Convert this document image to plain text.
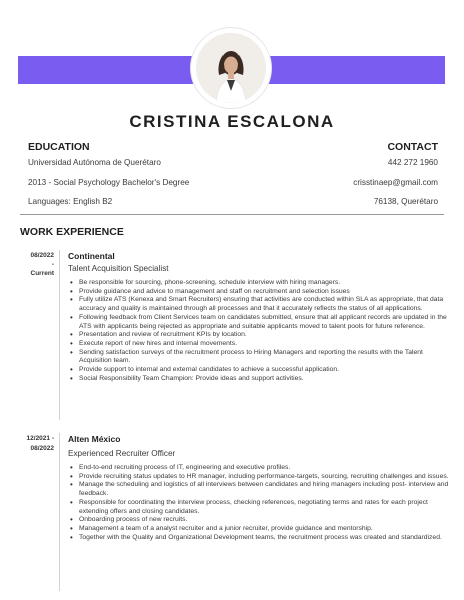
CRISTINA ESCALONA
EDUCATION
Universidad Autónoma de Querétaro
2013 - Social Psychology Bachelor's Degree
Languages: English B2
CONTACT
442 272 1960
crisstinaep@gmail.com
76138, Querétaro
WORK EXPERIENCE
08/2022
-
Current
Continental
Talent Acquisition Specialist
• Be responsible for sourcing, phone-screening, schedule interview with hiring managers.
• Provide guidance and advice to management and staff on recruitment and selection issues
• Fully utilize ATS (Kenexa and Smart Recruiters) ensuring that activities are conducted within SLA as appropriate, that data accuracy and quality is maintained through all processes and that it accurately reflects the status of all applications.
• Following feedback from Client Services team on candidates submitted, ensure that all applicant records are updated in the ATS with applicants being rejected as appropriate and suitable applicants moved to talent pools for future reference.
• Presentation and review of recruitment KPIs by location.
• Execute report of new hires and internal movements.
• Sending satisfaction surveys of the recruitment process to Hiring Managers and reporting the results with the Talent Acquisition team.
• Provide support to internal and external candidates to achieve a successful application.
• Social Responsibility Team Champion: Provide ideas and support activities.
12/2021 -
08/2022
Alten México
Experienced Recruiter Officer
• End-to-end recruiting process of IT, engineering and executive profiles.
• Provide recruiting status updates to HR manager, including performance-targets, sourcing, recruiting challenges and issues.
• Manage the scheduling and logistics of all interviews between candidates and hiring managers including post- interview and feedback.
• Responsible for coordinating the interview process, checking references, negotiating terms and rates for each project extending offers and closing candidates.
• Onboarding process of new recruits.
• Management a team of a analyst recruiter and a junior recruiter, provide guidance and mentorship.
• Together with the Quality and Organizational Development teams, the recruitment process was created and standardized.
